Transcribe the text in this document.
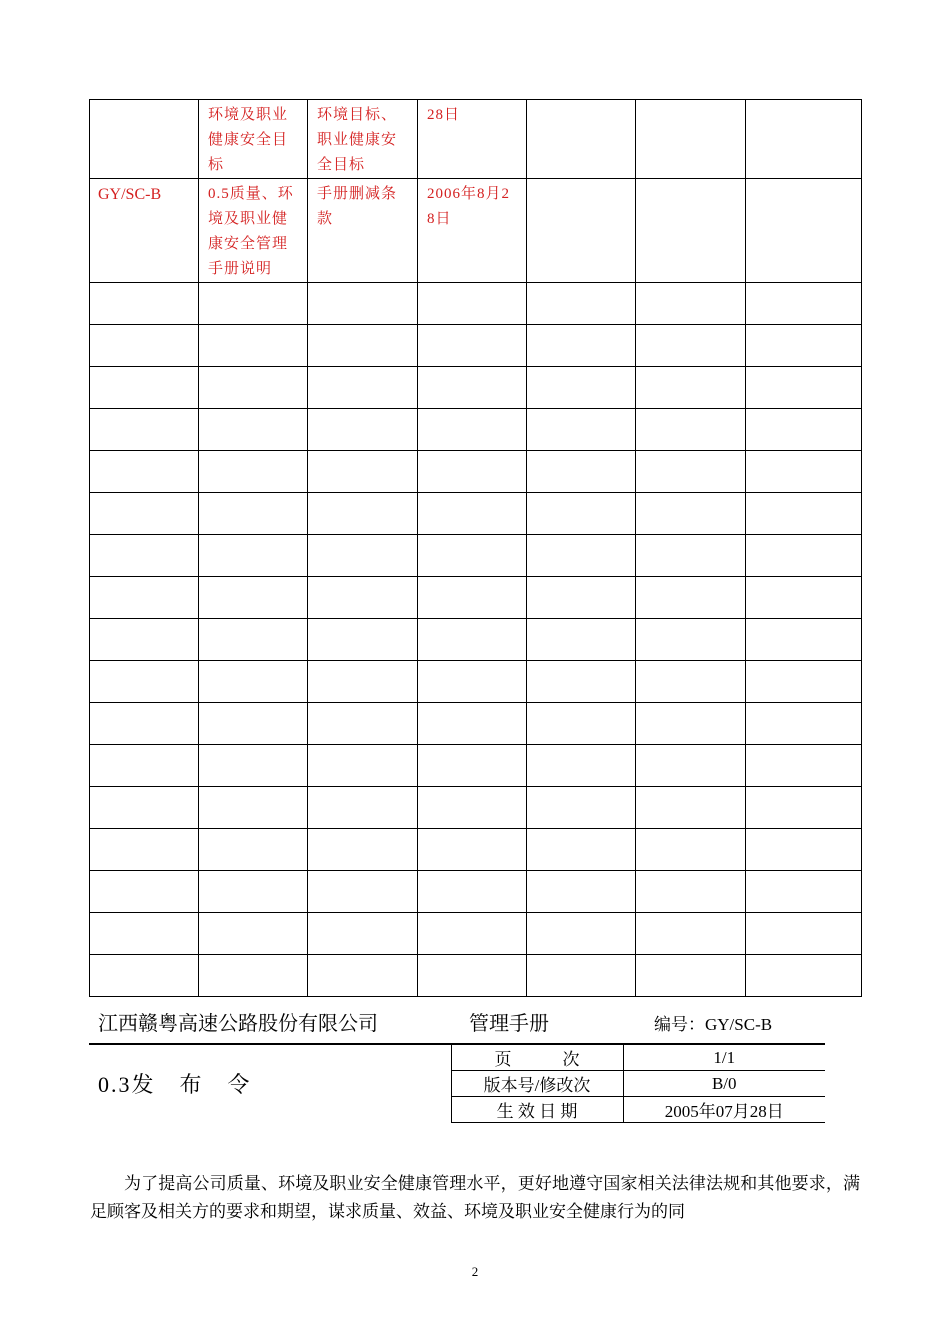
	环境及职业健康安全目标	环境目标、职业健康安全目标	28日			

GY/SC-B	0.5质量、环境及职业健康安全管理手册说明	手册删减条款	2006年8月28日			

江西赣粤高速公路股份有限公司	管理手册	编号：GY/SC-B
0.3发　布　令	页　　　次	1/1
	版本号/修改次	B/0
	生 效 日 期	2005年07月28日
为了提高公司质量、环境及职业安全健康管理水平，更好地遵守国家相关法律法规和其他要求，满足顾客及相关方的要求和期望，谋求质量、效益、环境及职业安全健康行为的同
2
